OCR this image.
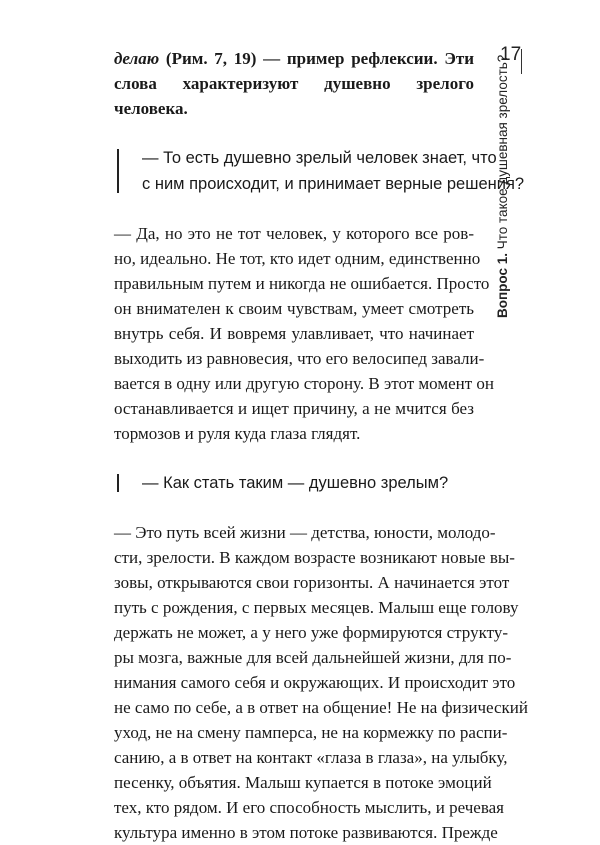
17
Вопрос 1. Что такое душевная зрелость?
делаю (Рим. 7, 19) — пример рефлексии. Эти
слова характеризуют душевно зрелого
человека.
— То есть душевно зрелый человек знает, что
с ним происходит, и принимает верные решения?
— Да, но это не тот человек, у которого все ров-
но, идеально. Не тот, кто идет одним, единственно
правильным путем и никогда не ошибается. Просто
он внимателен к своим чувствам, умеет смотреть
внутрь себя. И вовремя улавливает, что начинает
выходить из равновесия, что его велосипед завали-
вается в одну или другую сторону. В этот момент он
останавливается и ищет причину, а не мчится без
тормозов и руля куда глаза глядят.
— Как стать таким — душевно зрелым?
— Это путь всей жизни — детства, юности, молодо-
сти, зрелости. В каждом возрасте возникают новые вы-
зовы, открываются свои горизонты. А начинается этот
путь с рождения, с первых месяцев. Малыш еще голову
держать не может, а у него уже формируются структу-
ры мозга, важные для всей дальнейшей жизни, для по-
нимания самого себя и окружающих. И происходит это
не само по себе, а в ответ на общение! Не на физический
уход, не на смену памперса, не на кормежку по распи-
санию, а в ответ на контакт «глаза в глаза», на улыбку,
песенку, объятия. Малыш купается в потоке эмоций
тех, кто рядом. И его способность мыслить, и речевая
культура именно в этом потоке развиваются. Прежде
